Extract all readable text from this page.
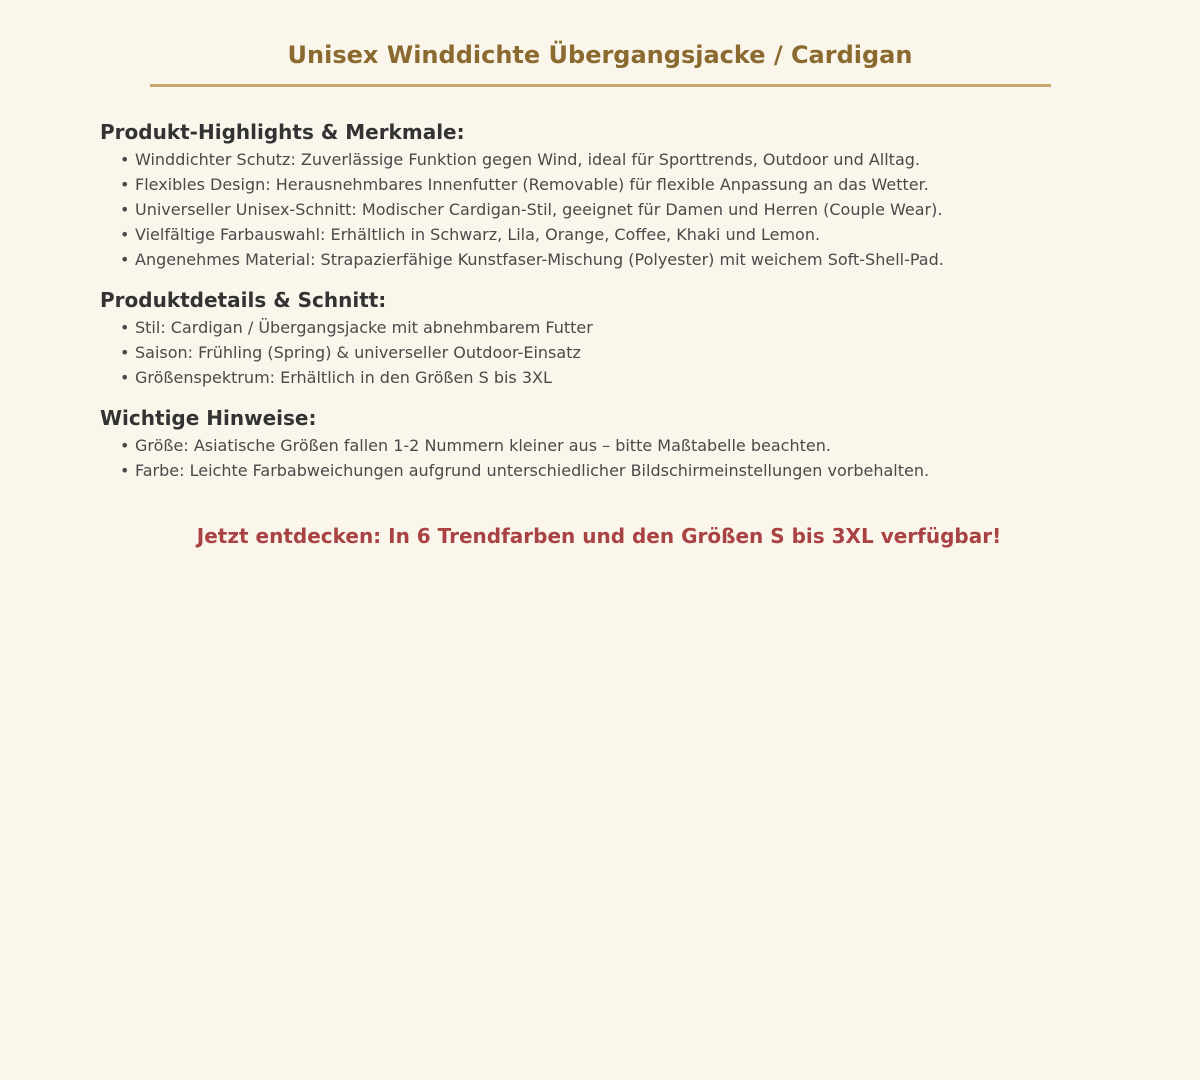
Unisex Winddichte Übergangsjacke / Cardigan
Produkt-Highlights & Merkmale:
• Winddichter Schutz: Zuverlässige Funktion gegen Wind, ideal für Sporttrends, Outdoor und Alltag.
• Flexibles Design: Herausnehmbares Innenfutter (Removable) für flexible Anpassung an das Wetter.
• Universeller Unisex-Schnitt: Modischer Cardigan-Stil, geeignet für Damen und Herren (Couple Wear).
• Vielfältige Farbauswahl: Erhältlich in Schwarz, Lila, Orange, Coffee, Khaki und Lemon.
• Angenehmes Material: Strapazierfähige Kunstfaser-Mischung (Polyester) mit weichem Soft-Shell-Pad.
Produktdetails & Schnitt:
• Stil: Cardigan / Übergangsjacke mit abnehmbarem Futter
• Saison: Frühling (Spring) & universeller Outdoor-Einsatz
• Größenspektrum: Erhältlich in den Größen S bis 3XL
Wichtige Hinweise:
• Größe: Asiatische Größen fallen 1-2 Nummern kleiner aus – bitte Maßtabelle beachten.
• Farbe: Leichte Farbabweichungen aufgrund unterschiedlicher Bildschirmeinstellungen vorbehalten.
Jetzt entdecken: In 6 Trendfarben und den Größen S bis 3XL verfügbar!
